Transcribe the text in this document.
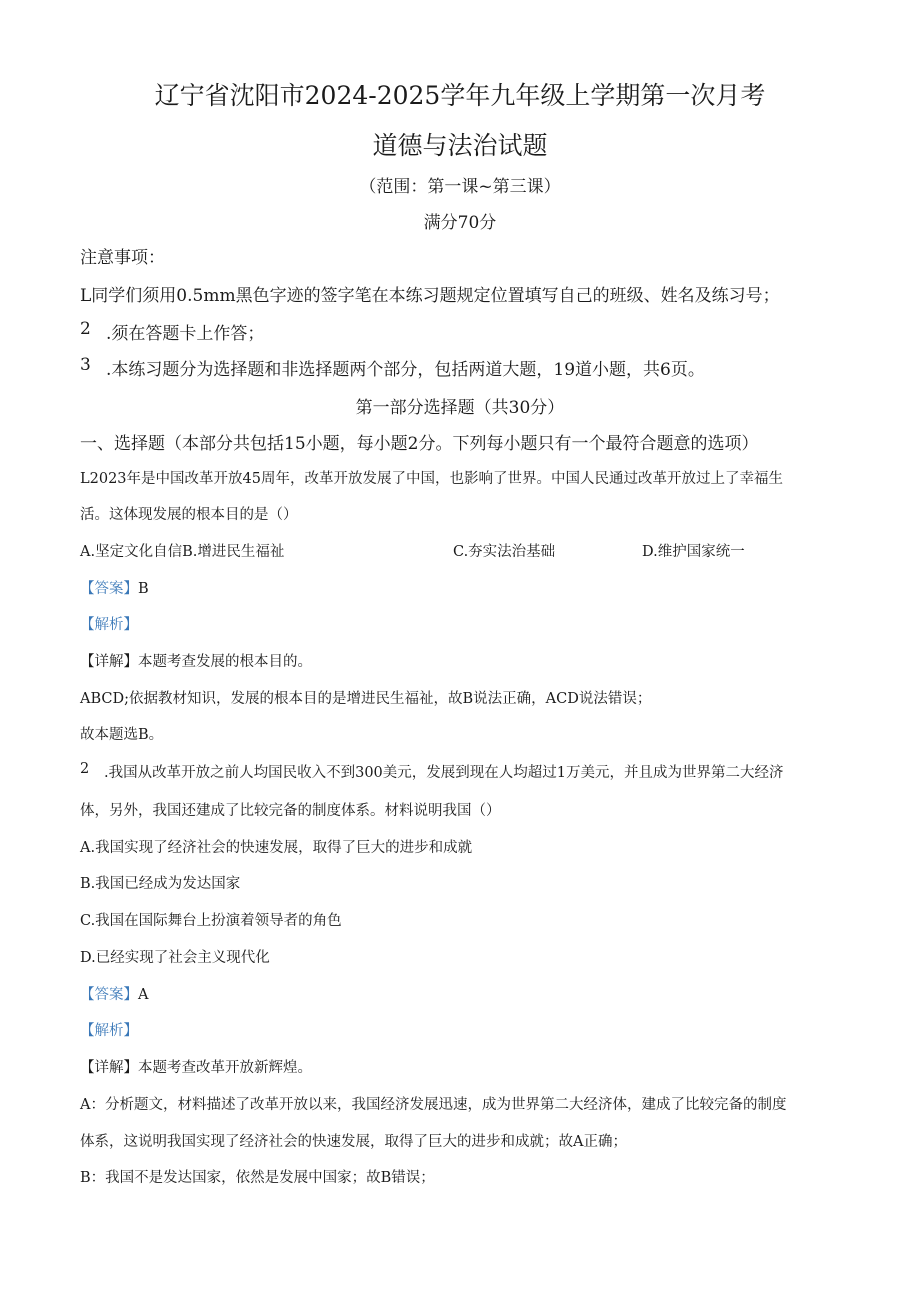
辽宁省沈阳市2024-2025学年九年级上学期第一次月考
道德与法治试题
（范围：第一课~第三课）
满分70分
注意事项：
L同学们须用0.5mm黑色字迹的签字笔在本练习题规定位置填写自己的班级、姓名及练习号；
2 .须在答题卡上作答；
3 .本练习题分为选择题和非选择题两个部分，包括两道大题，19道小题，共6页。
第一部分选择题（共30分）
一、选择题（本部分共包括15小题，每小题2分。下列每小题只有一个最符合题意的选项）
L2023年是中国改革开放45周年，改革开放发展了中国，也影响了世界。中国人民通过改革开放过上了幸福生
活。这体现发展的根本目的是（）
A.坚定文化自信B.增进民生福祉	C.夯实法治基础	D.维护国家统一
【答案】B
【解析】
【详解】本题考查发展的根本目的。
ABCD;依据教材知识，发展的根本目的是增进民生福祉，故B说法正确，ACD说法错误；
故本题选B。
2 .我国从改革开放之前人均国民收入不到300美元，发展到现在人均超过1万美元，并且成为世界第二大经济
体，另外，我国还建成了比较完备的制度体系。材料说明我国（）
A.我国实现了经济社会的快速发展，取得了巨大的进步和成就
B.我国已经成为发达国家
C.我国在国际舞台上扮演着领导者的角色
D.已经实现了社会主义现代化
【答案】A
【解析】
【详解】本题考查改革开放新辉煌。
A：分析题文，材料描述了改革开放以来，我国经济发展迅速，成为世界第二大经济体，建成了比较完备的制度
体系，这说明我国实现了经济社会的快速发展，取得了巨大的进步和成就；故A正确；
B：我国不是发达国家，依然是发展中国家；故B错误；
